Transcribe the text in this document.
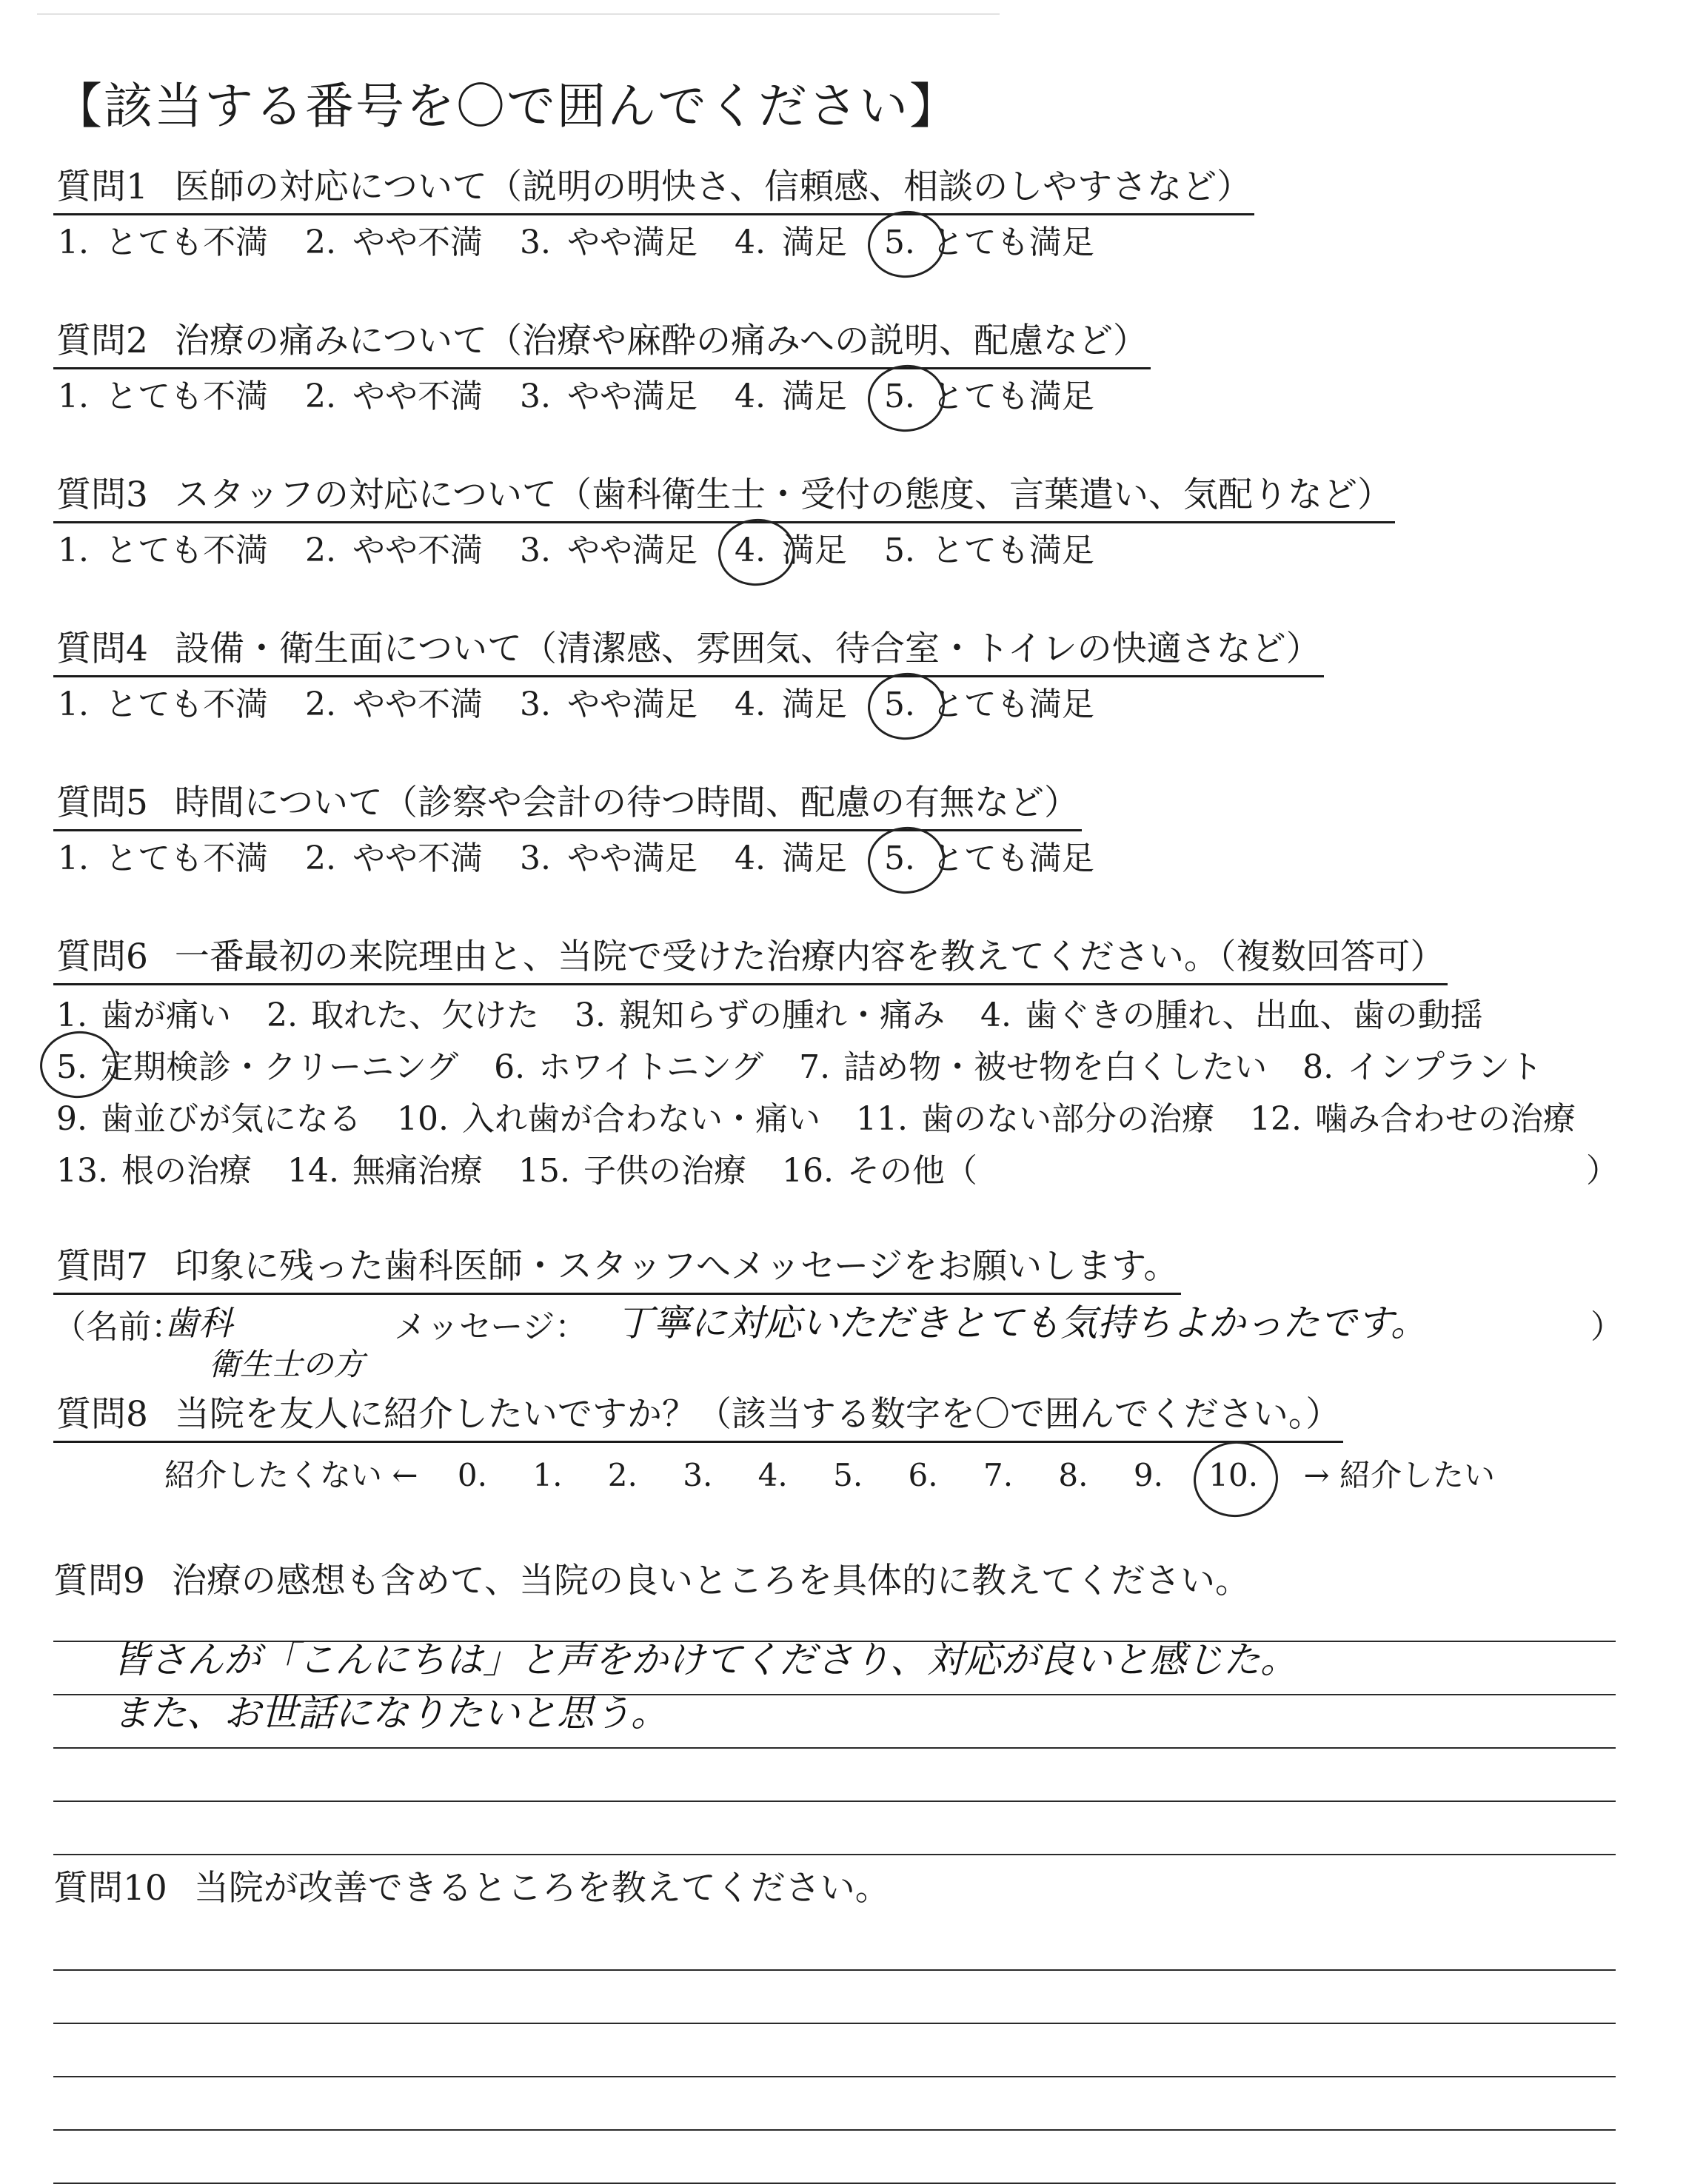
【該当する番号を〇で囲んでください】
質問1 医師の対応について（説明の明快さ、信頼感、相談のしやすさなど）
1. とても不満 2. やや不満 3. やや満足 4. 満足 5. とても満足
質問2 治療の痛みについて（治療や麻酔の痛みへの説明、配慮など）
1. とても不満 2. やや不満 3. やや満足 4. 満足 5. とても満足
質問3 スタッフの対応について（歯科衛生士・受付の態度、言葉遣い、気配りなど）
1. とても不満 2. やや不満 3. やや満足 4. 満足 5. とても満足
質問4 設備・衛生面について（清潔感、雰囲気、待合室・トイレの快適さなど）
1. とても不満 2. やや不満 3. やや満足 4. 満足 5. とても満足
質問5 時間について（診察や会計の待つ時間、配慮の有無など）
1. とても不満 2. やや不満 3. やや満足 4. 満足 5. とても満足
質問6 一番最初の来院理由と、当院で受けた治療内容を教えてください。（複数回答可）
1. 歯が痛い 2. 取れた、欠けた 3. 親知らずの腫れ・痛み 4. 歯ぐきの腫れ、出血、歯の動揺
5. 定期検診・クリーニング 6. ホワイトニング 7. 詰め物・被せ物を白くしたい 8. インプラント
9. 歯並びが気になる 10. 入れ歯が合わない・痛い 11. 歯のない部分の治療 12. 噛み合わせの治療
13. 根の治療 14. 無痛治療 15. 子供の治療 16. その他（	）
質問7 印象に残った歯科医師・スタッフへメッセージをお願いします。
（名前：
歯科
衛生士の方
メッセージ： 丁寧に対応いただきとても気持ちよかったです。	）
質問8 当院を友人に紹介したいですか？（該当する数字を〇で囲んでください。）
紹介したくない ← 0. 1. 2. 3. 4. 5. 6. 7. 8. 9. 10. → 紹介したい
質問9 治療の感想も含めて、当院の良いところを具体的に教えてください。
皆さんが「こんにちは」と声をかけてくださり、対応が良いと感じた。
また、お世話になりたいと思う。
質問10 当院が改善できるところを教えてください。
